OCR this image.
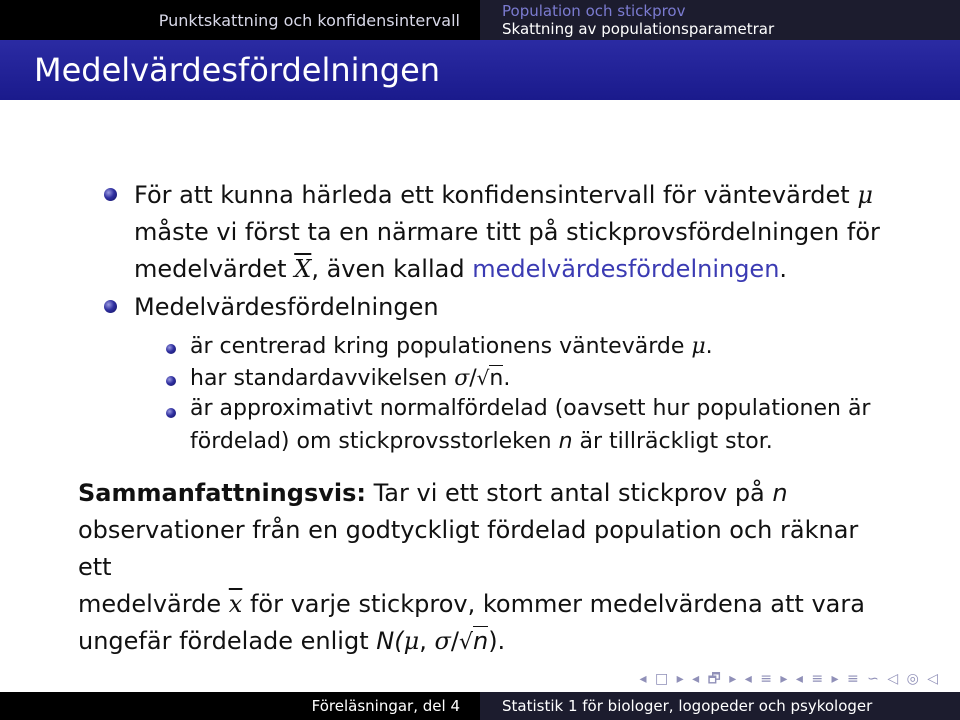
Punktskattning och konfidensintervall	Population och stickprov
Skattning av populationsparametrar
Medelvärdesfördelningen
För att kunna härleda ett konfidensintervall för väntevärdet μ
måste vi först ta en närmare titt på stickprovsfördelningen för
medelvärdet $\overline{X}$, även kallad medelvärdesfördelningen.
Medelvärdesfördelningen
är centrerad kring populationens väntevärde μ.
har standardavvikelsen σ/√n.
är approximativt normalfördelad (oavsett hur populationen är
fördelad) om stickprovsstorleken n är tillräckligt stor.
Sammanfattningsvis: Tar vi ett stort antal stickprov på n
observationer från en godtyckligt fördelad population och räknar ett
medelvärde $\overline{x}$ för varje stickprov, kommer medelvärdena att vara
ungefär fördelade enligt N(μ, σ/√n).
◂ □ ▸ ◂ 🗗 ▸ ◂ ≡ ▸ ◂ ≡ ▸ ≡ ∽ ◁ ◎ ◁
Föreläsningar, del 4	Statistik 1 för biologer, logopeder och psykologer
